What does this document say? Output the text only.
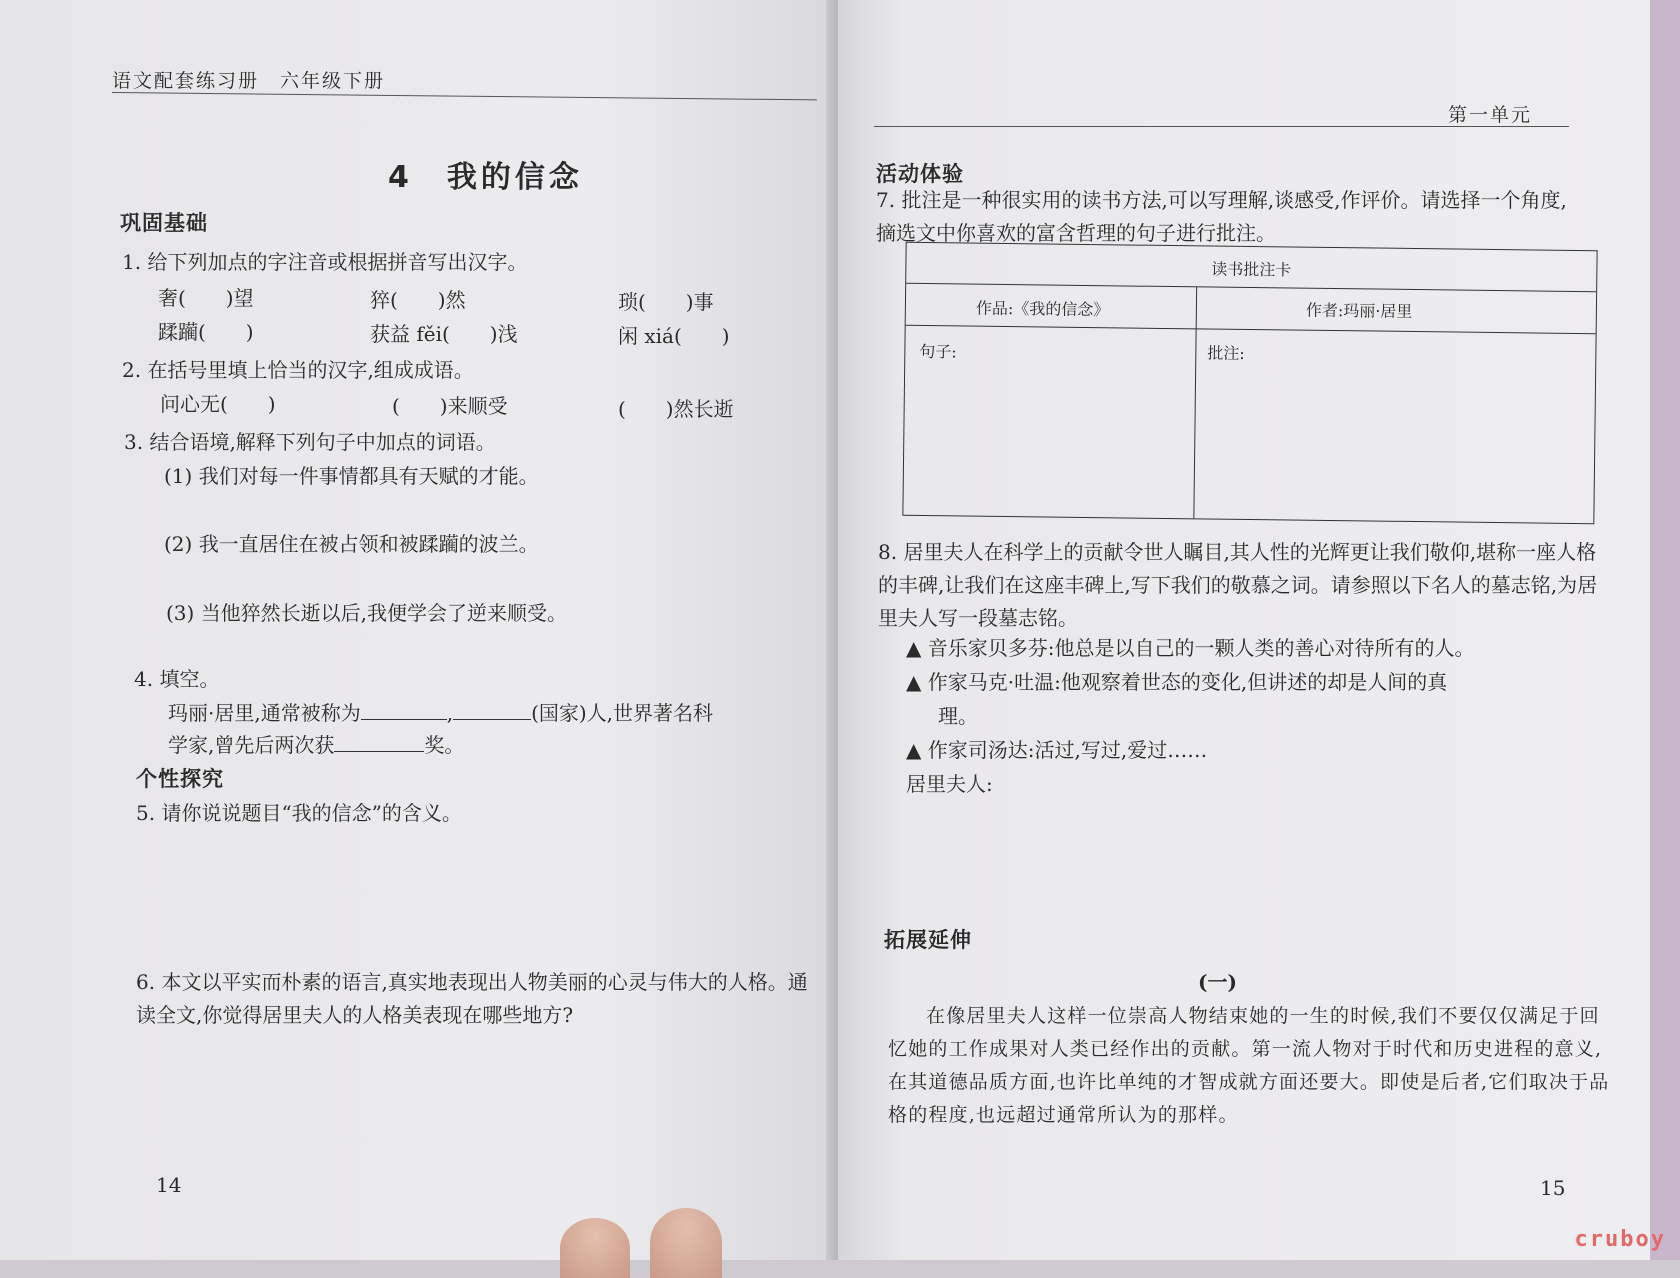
语文配套练习册　六年级下册
4　我的信念
巩固基础
1. 给下列加点的字注音或根据拼音写出汉字。
奢(　　)望	猝(　　)然	琐(　　)事
蹂躏(　　)	获益 fěi(　　)浅	闲 xiá(　　)
2. 在括号里填上恰当的汉字,组成成语。
问心无(　　)	(　　)来顺受	(　　)然长逝
3. 结合语境,解释下列句子中加点的词语。
(1) 我们对每一件事情都具有天赋的才能。
(2) 我一直居住在被占领和被蹂躏的波兰。
(3) 当他猝然长逝以后,我便学会了逆来顺受。
4. 填空。
玛丽·居里,通常被称为	,	(国家)人,世界著名科
学家,曾先后两次获	奖。
个性探究
5. 请你说说题目“我的信念”的含义。
6. 本文以平实而朴素的语言,真实地表现出人物美丽的心灵与伟大的人格。通读全文,你觉得居里夫人的人格美表现在哪些地方?
14
第一单元
活动体验
7. 批注是一种很实用的读书方法,可以写理解,谈感受,作评价。请选择一个角度,摘选文中你喜欢的富含哲理的句子进行批注。
读书批注卡
作品:《我的信念》	作者:玛丽·居里
句子:	批注:
8. 居里夫人在科学上的贡献令世人瞩目,其人性的光辉更让我们敬仰,堪称一座人格的丰碑,让我们在这座丰碑上,写下我们的敬慕之词。请参照以下名人的墓志铭,为居里夫人写一段墓志铭。
▲ 音乐家贝多芬:他总是以自己的一颗人类的善心对待所有的人。
▲ 作家马克·吐温:他观察着世态的变化,但讲述的却是人间的真
理。
▲ 作家司汤达:活过,写过,爱过……
居里夫人:
拓展延伸
(一)
在像居里夫人这样一位崇高人物结束她的一生的时候,我们不要仅仅满足于回忆她的工作成果对人类已经作出的贡献。第一流人物对于时代和历史进程的意义,在其道德品质方面,也许比单纯的才智成就方面还要大。即使是后者,它们取决于品格的程度,也远超过通常所认为的那样。
15
cruboy
